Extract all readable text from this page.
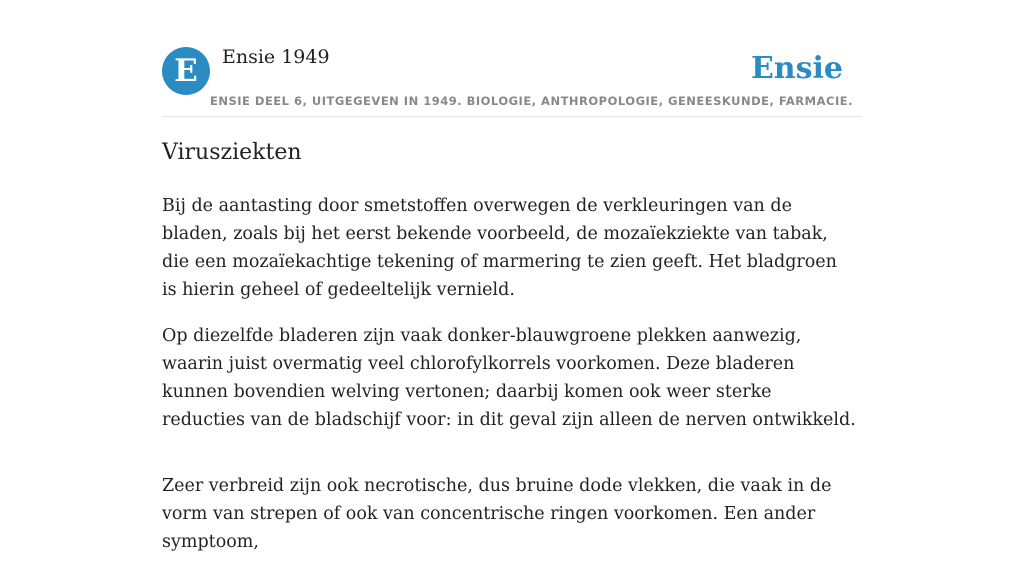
E	Ensie 1949	Ensie
ENSIE DEEL 6, UITGEGEVEN IN 1949. BIOLOGIE, ANTHROPOLOGIE, GENEESKUNDE, FARMACIE.
Virusziekten

Bij de aantasting door smetstoffen overwegen de verkleuringen van de bladen, zoals bij het eerst bekende voorbeeld, de mozaïekziekte van tabak, die een mozaïekachtige tekening of marmering te zien geeft. Het bladgroen is hierin geheel of gedeeltelijk vernield.

Op diezelfde bladeren zijn vaak donker-blauwgroene plekken aanwezig, waarin juist overmatig veel chlorofylkorrels voorkomen. Deze bladeren kunnen bovendien welving vertonen; daarbij komen ook weer sterke reducties van de bladschijf voor: in dit geval zijn alleen de nerven ontwikkeld.

Zeer verbreid zijn ook necrotische, dus bruine dode vlekken, die vaak in de vorm van strepen of ook van concentrische ringen voorkomen. Een ander symptoom,
